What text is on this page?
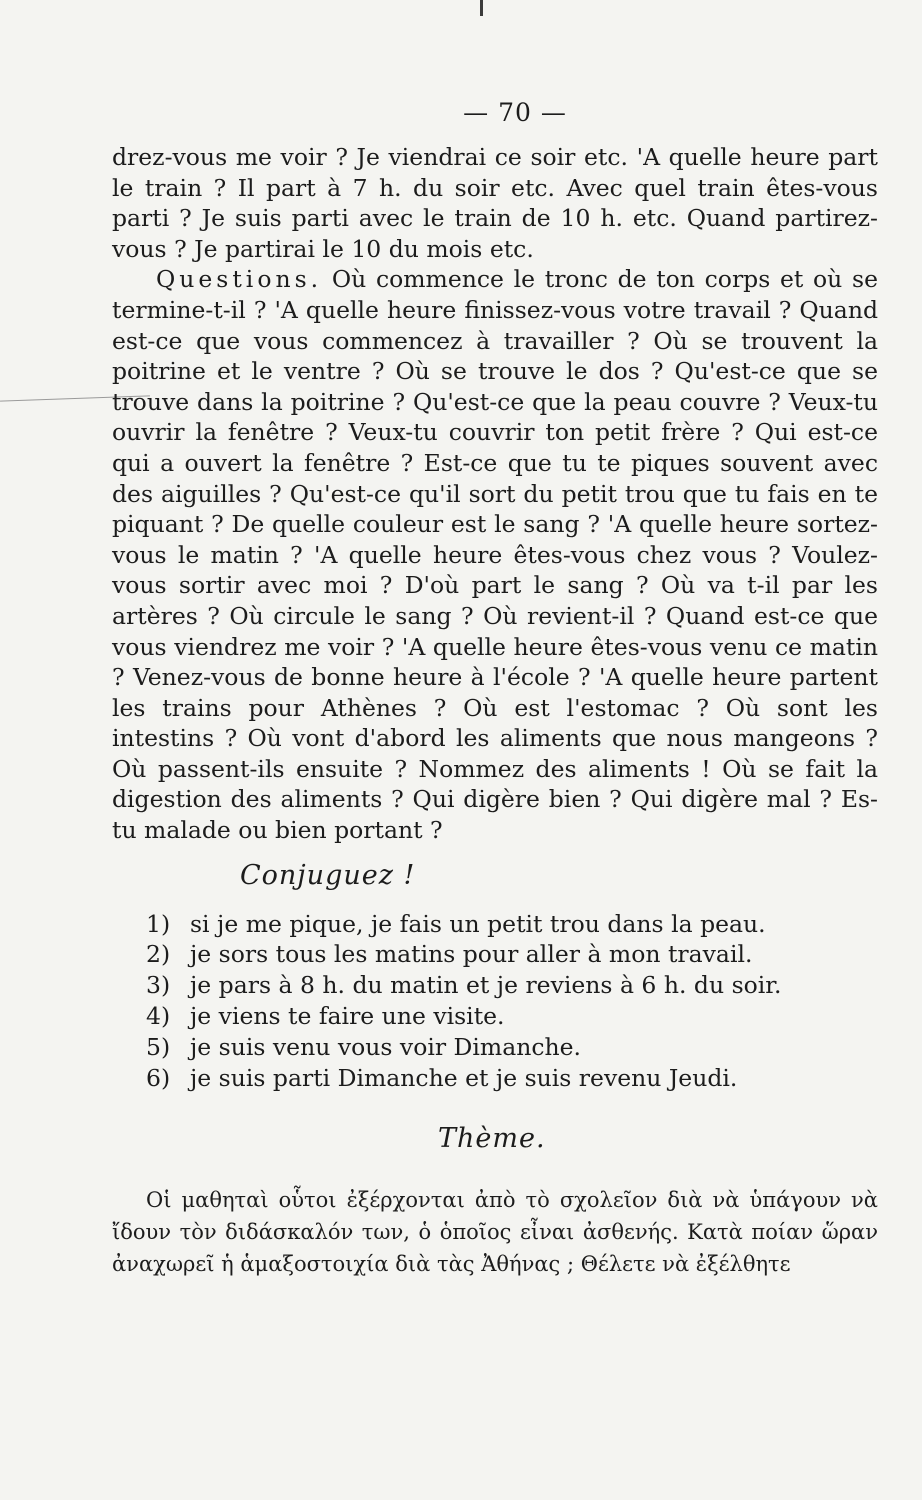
— 70 —

drez-vous me voir ? Je viendrai ce soir etc. 'A quelle heure part le train ? Il part à 7 h. du soir etc. Avec quel train êtes-vous parti ? Je suis parti avec le train de 10 h. etc. Quand partirez-vous ? Je partirai le 10 du mois etc.

Questions. Où commence le tronc de ton corps et où se termine-t-il ? 'A quelle heure finissez-vous votre travail ? Quand est-ce que vous commencez à travailler ? Où se trouvent la poitrine et le ventre ? Où se trouve le dos ? Qu'est-ce que se trouve dans la poitrine ? Qu'est-ce que la peau couvre ? Veux-tu ouvrir la fenêtre ? Veux-tu couvrir ton petit frère ? Qui est-ce qui a ouvert la fenêtre ? Est-ce que tu te piques souvent avec des aiguilles ? Qu'est-ce qu'il sort du petit trou que tu fais en te piquant ? De quelle couleur est le sang ? 'A quelle heure sortez-vous le matin ? 'A quelle heure êtes-vous chez vous ? Voulez-vous sortir avec moi ? D'où part le sang ? Où va t-il par les artères ? Où circule le sang ? Où revient-il ? Quand est-ce que vous viendrez me voir ? 'A quelle heure êtes-vous venu ce matin ? Venez-vous de bonne heure à l'école ? 'A quelle heure partent les trains pour Athènes ? Où est l'estomac ? Où sont les intestins ? Où vont d'abord les aliments que nous mangeons ? Où passent-ils ensuite ? Nommez des aliments ! Où se fait la digestion des aliments ? Qui digère bien ? Qui digère mal ? Es-tu malade ou bien portant ?

Conjuguez !
1) si je me pique, je fais un petit trou dans la peau.
2) je sors tous les matins pour aller à mon travail.
3) je pars à 8 h. du matin et je reviens à 6 h. du soir.
4) je viens te faire une visite.
5) je suis venu vous voir Dimanche.
6) je suis parti Dimanche et je suis revenu Jeudi.
Thème.

Οἱ μαθηταὶ οὗτοι ἐξέρχονται ἀπὸ τὸ σχολεῖον διὰ νὰ ὑπάγουν νὰ ἴδουν τὸν διδάσκαλόν των, ὁ ὁποῖος εἶναι ἀσθενής. Κατὰ ποίαν ὥραν ἀναχωρεῖ ἡ ἁμαξοστοιχία διὰ τὰς Ἀθήνας ; Θέλετε νὰ ἐξέλθητε
